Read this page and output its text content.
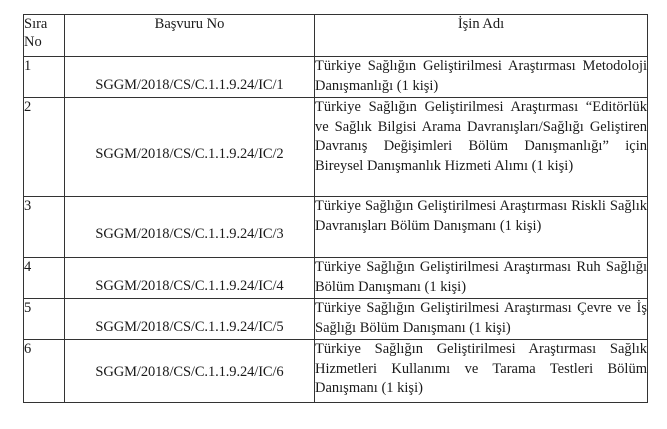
Sıra No	Başvuru No	İşin Adı
1	SGGM/2018/CS/C.1.1.9.24/IC/1	Türkiye Sağlığın Geliştirilmesi Araştırması Metodoloji Danışmanlığı (1 kişi)
2	SGGM/2018/CS/C.1.1.9.24/IC/2	Türkiye Sağlığın Geliştirilmesi Araştırması “Editörlük ve Sağlık Bilgisi Arama Davranışları/Sağlığı Geliştiren Davranış Değişimleri Bölüm Danışmanlığı” için Bireysel Danışmanlık Hizmeti Alımı (1 kişi)
3	SGGM/2018/CS/C.1.1.9.24/IC/3	Türkiye Sağlığın Geliştirilmesi Araştırması Riskli Sağlık Davranışları Bölüm Danışmanı (1 kişi)
4	SGGM/2018/CS/C.1.1.9.24/IC/4	Türkiye Sağlığın Geliştirilmesi Araştırması Ruh Sağlığı Bölüm Danışmanı (1 kişi)
5	SGGM/2018/CS/C.1.1.9.24/IC/5	Türkiye Sağlığın Geliştirilmesi Araştırması Çevre ve İş Sağlığı Bölüm Danışmanı (1 kişi)
6	SGGM/2018/CS/C.1.1.9.24/IC/6	Türkiye Sağlığın Geliştirilmesi Araştırması Sağlık Hizmetleri Kullanımı ve Tarama Testleri Bölüm Danışmanı (1 kişi)
